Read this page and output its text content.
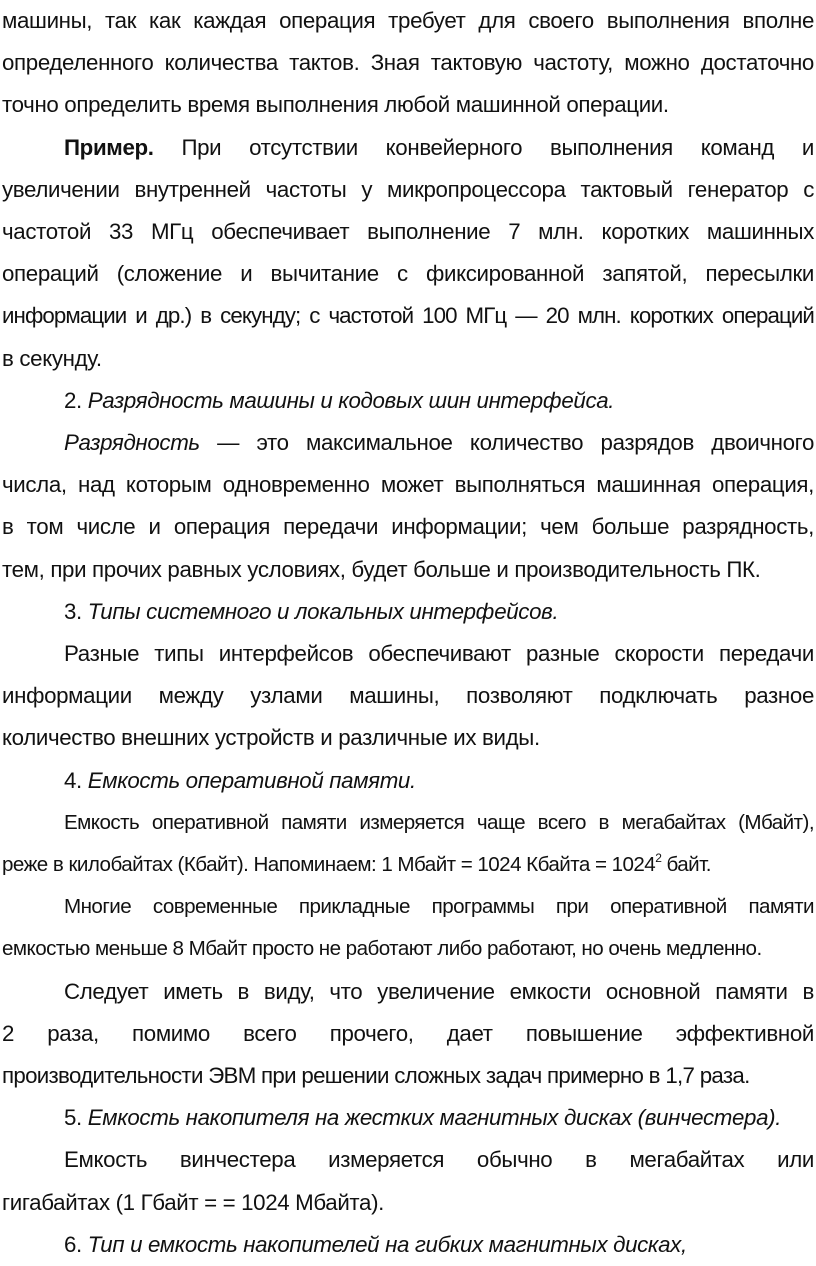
машины, так как каждая операция требует для своего выполнения вполне
определенного количества тактов. Зная тактовую частоту, можно достаточно
точно определить время выполнения любой машинной операции.

Пример. При отсутствии конвейерного выполнения команд и
увеличении внутренней частоты у микропроцессора тактовый генератор с
частотой 33 МГц обеспечивает выполнение 7 млн. коротких машинных
операций (сложение и вычитание с фиксированной запятой, пересылки
информации и др.) в секунду; с частотой 100 МГц — 20 млн. коротких операций
в секунду.

2. Разрядность машины и кодовых шин интерфейса.

Разрядность — это максимальное количество разрядов двоичного
числа, над которым одновременно может выполняться машинная операция,
в том числе и операция передачи информации; чем больше разрядность,
тем, при прочих равных условиях, будет больше и производительность ПК.

3. Типы системного и локальных интерфейсов.

Разные типы интерфейсов обеспечивают разные скорости передачи
информации между узлами машины, позволяют подключать разное
количество внешних устройств и различные их виды.

4. Емкость оперативной памяти.

Емкость оперативной памяти измеряется чаще всего в мегабайтах (Мбайт),
реже в килобайтах (Кбайт). Напоминаем: 1 Мбайт = 1024 Кбайта = $1024^2$ байт.

Многие современные прикладные программы при оперативной памяти
емкостью меньше 8 Мбайт просто не работают либо работают, но очень медленно.

Следует иметь в виду, что увеличение емкости основной памяти в
2 раза, помимо всего прочего, дает повышение эффективной
производительности ЭВМ при решении сложных задач примерно в 1,7 раза.

5. Емкость накопителя на жестких магнитных дисках (винчестера).

Емкость винчестера измеряется обычно в мегабайтах или
гигабайтах (1 Гбайт = = 1024 Мбайта).

6. Тип и емкость накопителей на гибких магнитных дисках,
